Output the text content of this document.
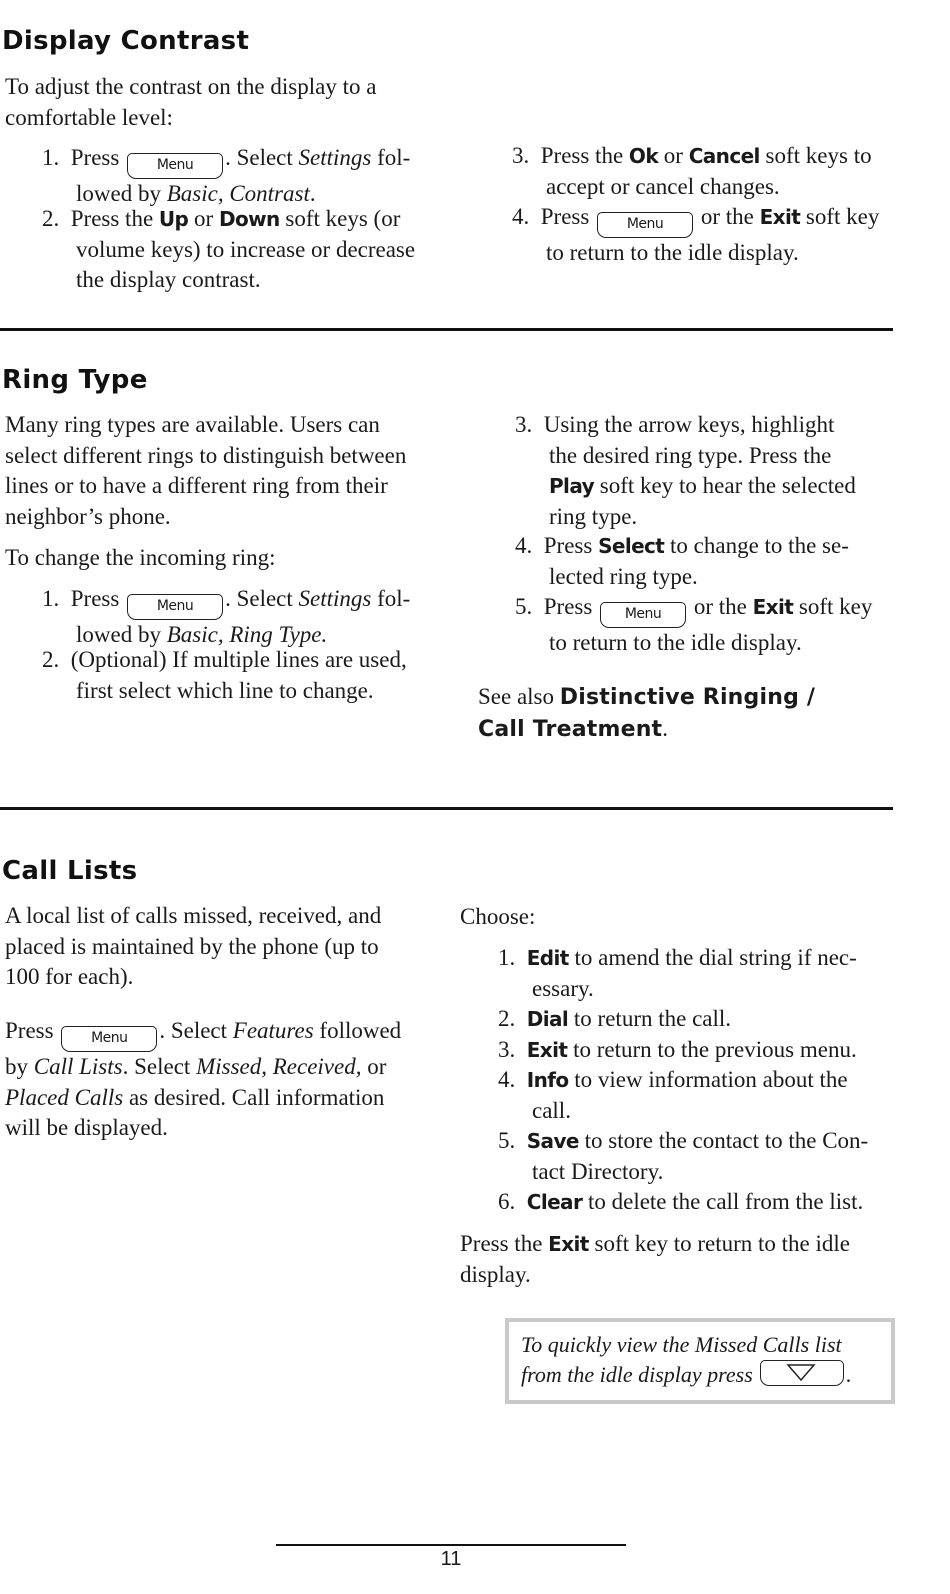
Display Contrast

To adjust the contrast on the display to a
comfortable level:

1. Press	Menu . Select Settings fol-
lowed by Basic, Contrast.
2. Press the Up or Down soft keys (or
volume keys) to increase or decrease
the display contrast.
3. Press the Ok or Cancel soft keys to
accept or cancel changes.
4. Press	Menu or the Exit soft key
to return to the idle display.
Ring Type

Many ring types are available. Users can
select different rings to distinguish between
lines or to have a different ring from their
neighbor’s phone.

To change the incoming ring:

1. Press	Menu . Select Settings fol-
lowed by Basic, Ring Type.
2. (Optional) If multiple lines are used,
first select which line to change.
3. Using the arrow keys, highlight
the desired ring type. Press the
Play soft key to hear the selected
ring type.
4. Press Select to change to the se-
lected ring type.
5. Press Menu or the Exit soft key
to return to the idle display.
See also Distinctive Ringing /
Call Treatment.
Call Lists

A local list of calls missed, received, and
placed is maintained by the phone (up to
100 for each).

Press	Menu . Select Features followed
by Call Lists. Select Missed, Received, or
Placed Calls as desired. Call information
will be displayed.

Choose:

1. Edit to amend the dial string if nec-
essary.
2. Dial to return the call.
3. Exit to return to the previous menu.
4. Info to view information about the
call.
5. Save to store the contact to the Con-
tact Directory.
6. Clear to delete the call from the list.
Press the Exit soft key to return to the idle
display.
To quickly view the Missed Calls list
from the idle display press	.
11
